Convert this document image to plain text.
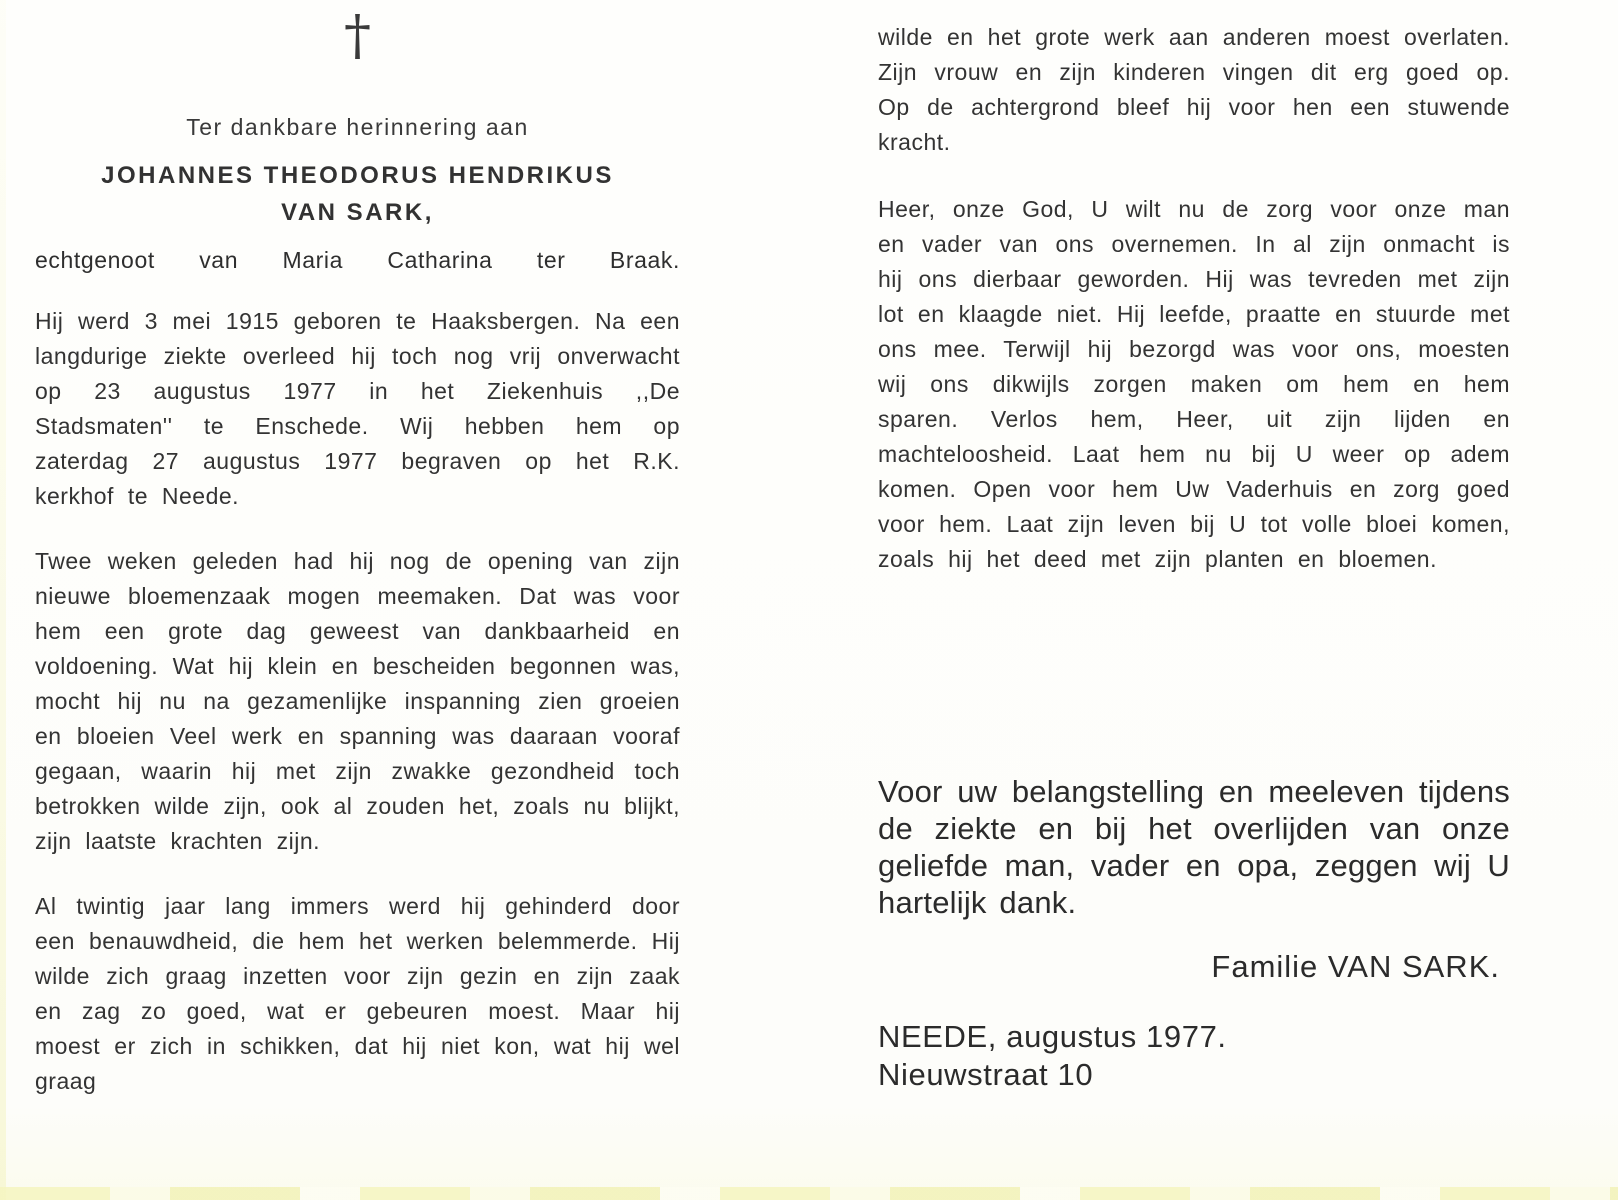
†
Ter dankbare herinnering aan
JOHANNES THEODORUS HENDRIKUS
VAN SARK,
echtgenoot van Maria Catharina ter Braak.
Hij werd 3 mei 1915 geboren te Haaksbergen. Na een langdurige ziekte overleed hij toch nog vrij onverwacht op 23 augustus 1977 in het Ziekenhuis ,,De Stadsmaten'' te Enschede. Wij hebben hem op zaterdag 27 augustus 1977 begraven op het R.K. kerkhof te Neede.
Twee weken geleden had hij nog de opening van zijn nieuwe bloemenzaak mogen meemaken. Dat was voor hem een grote dag geweest van dankbaarheid en voldoening. Wat hij klein en bescheiden begonnen was, mocht hij nu na gezamenlijke inspanning zien groeien en bloeien Veel werk en spanning was daaraan vooraf gegaan, waarin hij met zijn zwakke gezondheid toch betrokken wilde zijn, ook al zouden het, zoals nu blijkt, zijn laatste krachten zijn.
Al twintig jaar lang immers werd hij gehinderd door een benauwdheid, die hem het werken belemmerde. Hij wilde zich graag inzetten voor zijn gezin en zijn zaak en zag zo goed, wat er gebeuren moest. Maar hij moest er zich in schikken, dat hij niet kon, wat hij wel graag
wilde en het grote werk aan anderen moest overlaten. Zijn vrouw en zijn kinderen vingen dit erg goed op. Op de achtergrond bleef hij voor hen een stuwende kracht.
Heer, onze God, U wilt nu de zorg voor onze man en vader van ons overnemen. In al zijn onmacht is hij ons dierbaar geworden. Hij was tevreden met zijn lot en klaagde niet. Hij leefde, praatte en stuurde met ons mee. Terwijl hij bezorgd was voor ons, moesten wij ons dikwijls zorgen maken om hem en hem sparen. Verlos hem, Heer, uit zijn lijden en machteloosheid. Laat hem nu bij U weer op adem komen. Open voor hem Uw Vaderhuis en zorg goed voor hem. Laat zijn leven bij U tot volle bloei komen, zoals hij het deed met zijn planten en bloemen.
Voor uw belangstelling en meeleven tijdens de ziekte en bij het overlijden van onze geliefde man, vader en opa, zeggen wij U hartelijk dank.
Familie VAN SARK.
NEEDE, augustus 1977.
Nieuwstraat 10
